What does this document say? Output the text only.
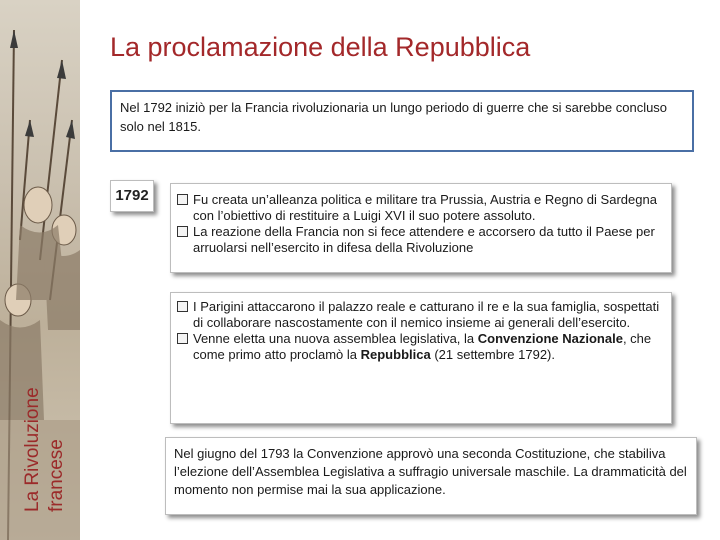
La Rivoluzione francese
La proclamazione della Repubblica

Nel 1792 iniziò per la Francia rivoluzionaria un lungo periodo di guerre che si sarebbe concluso solo nel 1815.

1792	Fu creata un’alleanza politica e militare tra Prussia, Austria e Regno di Sardegna con l’obiettivo di restituire a Luigi XVI il suo potere assoluto.
La reazione della Francia non si fece attendere e accorsero da tutto il Paese per arruolarsi nell’esercito in difesa della Rivoluzione
I Parigini attaccarono il palazzo reale e catturano il re e la sua famiglia, sospettati di collaborare nascostamente con il nemico insieme ai generali dell’esercito.
Venne eletta una nuova assemblea legislativa, la Convenzione Nazionale, che come primo atto proclamò la Repubblica (21 settembre 1792).

Nel giugno del 1793 la Convenzione approvò una seconda Costituzione, che stabiliva l’elezione dell’Assemblea Legislativa a suffragio universale maschile. La drammaticità del momento non permise mai la sua applicazione.
